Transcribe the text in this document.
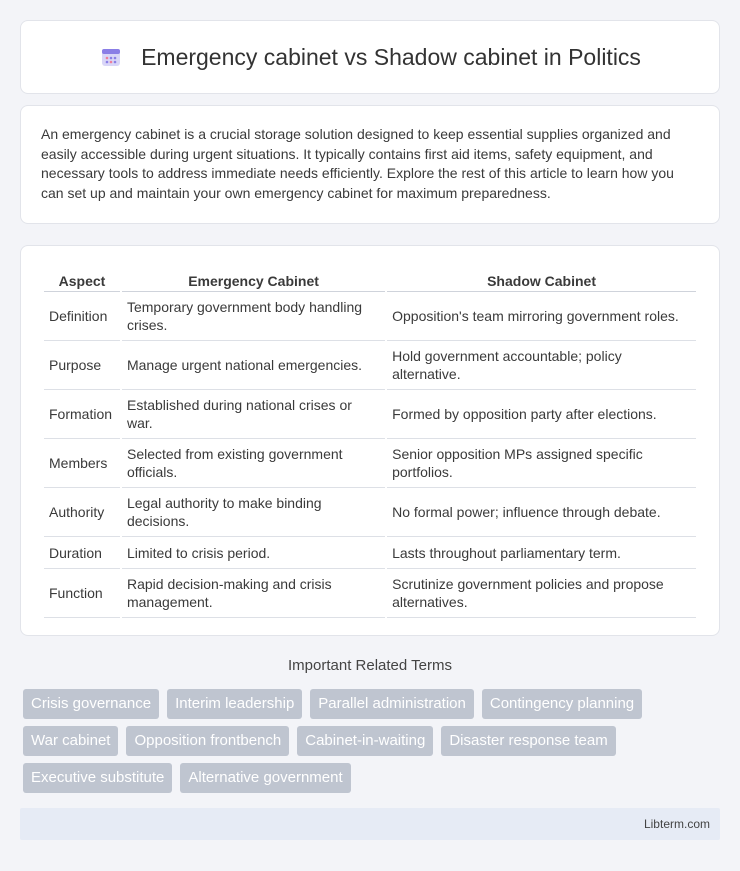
Emergency cabinet vs Shadow cabinet in Politics

An emergency cabinet is a crucial storage solution designed to keep essential supplies organized and easily accessible during urgent situations. It typically contains first aid items, safety equipment, and necessary tools to address immediate needs efficiently. Explore the rest of this article to learn how you can set up and maintain your own emergency cabinet for maximum preparedness.

Aspect	Emergency Cabinet	Shadow Cabinet
Definition	Temporary government body handling crises.	Opposition's team mirroring government roles.
Purpose	Manage urgent national emergencies.	Hold government accountable; policy alternative.
Formation	Established during national crises or war.	Formed by opposition party after elections.
Members	Selected from existing government officials.	Senior opposition MPs assigned specific portfolios.
Authority	Legal authority to make binding decisions.	No formal power; influence through debate.
Duration	Limited to crisis period.	Lasts throughout parliamentary term.
Function	Rapid decision-making and crisis management.	Scrutinize government policies and propose alternatives.
Important Related Terms
Crisis governance	Interim leadership	Parallel administration	Contingency planning
War cabinet	Opposition frontbench	Cabinet-in-waiting	Disaster response team
Executive substitute	Alternative government
Libterm.com
